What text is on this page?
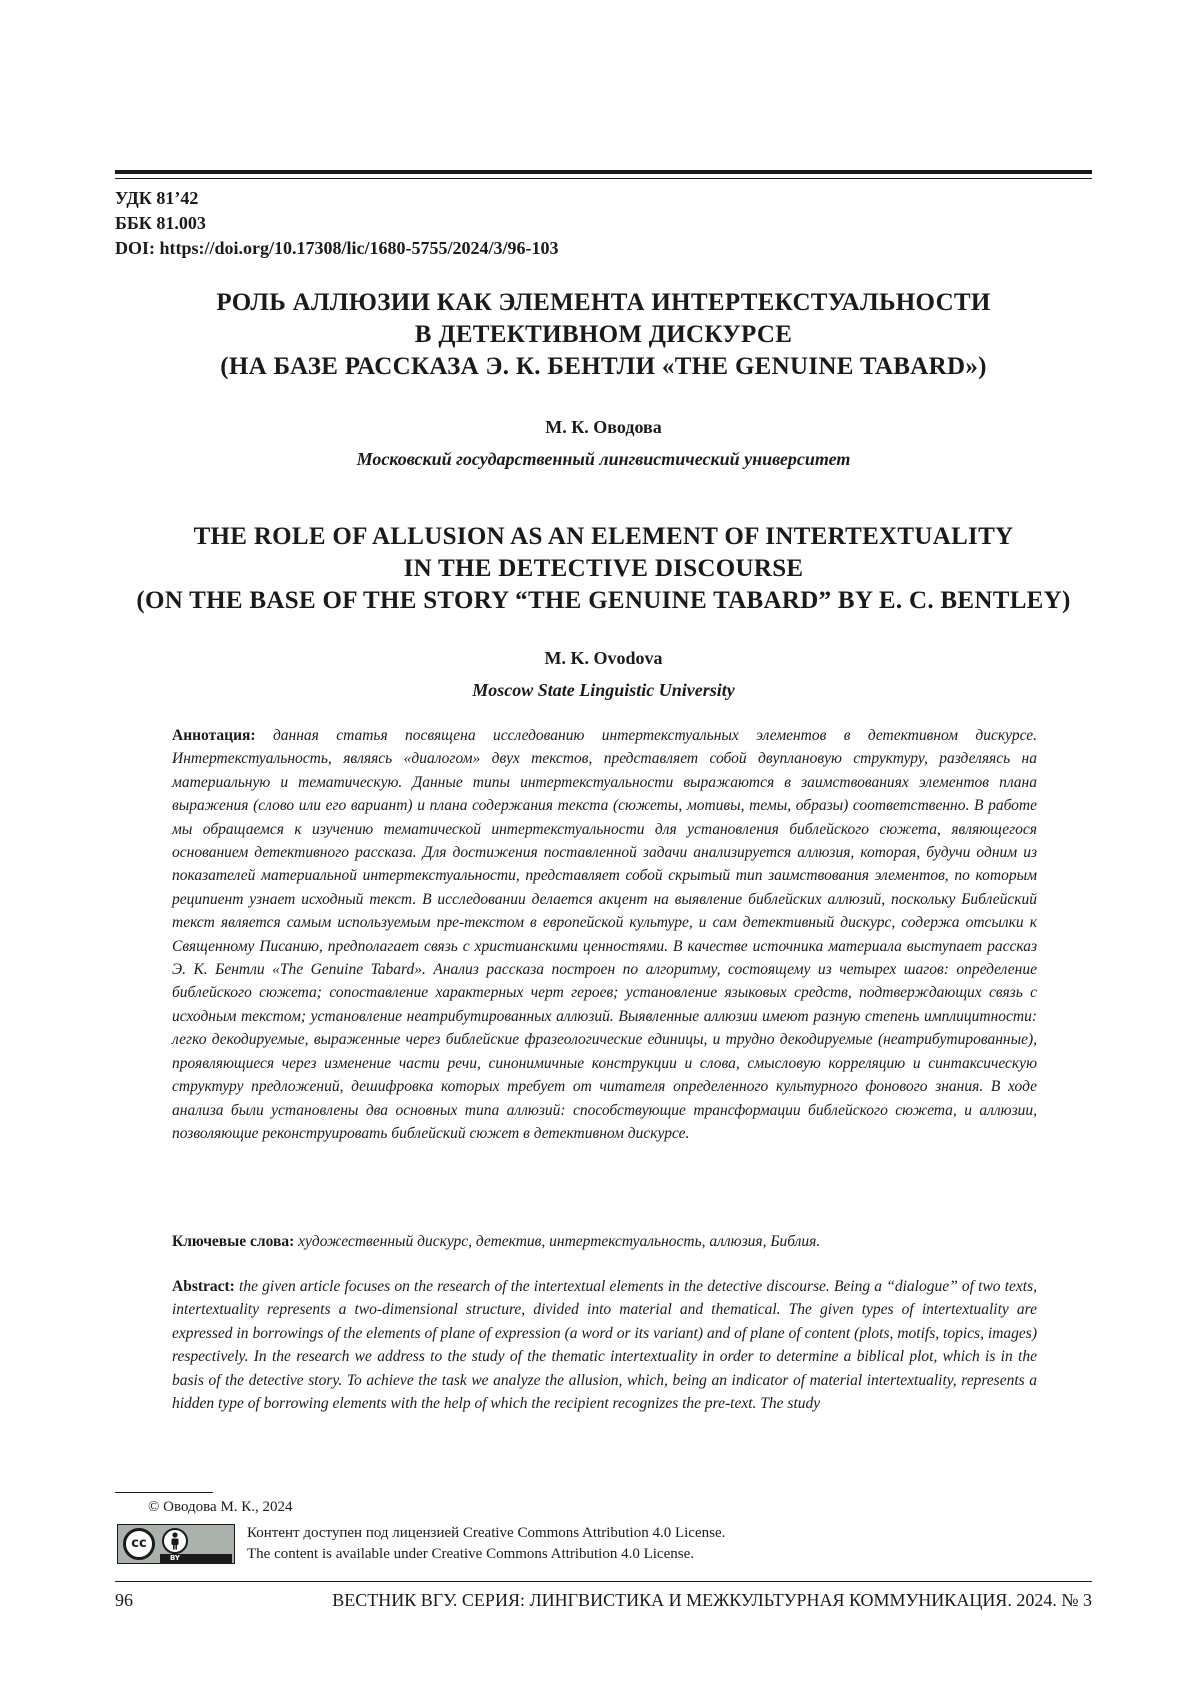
УДК 81’42
ББК 81.003
DOI: https://doi.org/10.17308/lic/1680-5755/2024/3/96-103
РОЛЬ АЛЛЮЗИИ КАК ЭЛЕМЕНТА ИНТЕРТЕКСТУАЛЬНОСТИ
В ДЕТЕКТИВНОМ ДИСКУРСЕ
(НА БАЗЕ РАССКАЗА Э. К. БЕНТЛИ «THE GENUINE TABARD»)
М. К. Оводова
Московский государственный лингвистический университет
THE ROLE OF ALLUSION AS AN ELEMENT OF INTERTEXTUALITY
IN THE DETECTIVE DISCOURSE
(ON THE BASE OF THE STORY “THE GENUINE TABARD” BY E. C. BENTLEY)
M. K. Ovodova
Moscow State Linguistic University
Аннотация: данная статья посвящена исследованию интертекстуальных элементов в детективном дискурсе. Интертекстуальность, являясь «диалогом» двух текстов, представляет собой двуплановую структуру, разделяясь на материальную и тематическую. Данные типы интертекстуальности выражаются в заимствованиях элементов плана выражения (слово или его вариант) и плана содержания текста (сюжеты, мотивы, темы, образы) соответственно. В работе мы обращаемся к изучению тематической интертекстуальности для установления библейского сюжета, являющегося основанием детективного рассказа. Для достижения поставленной задачи анализируется аллюзия, которая, будучи одним из показателей материальной интертекстуальности, представляет собой скрытый тип заимствования элементов, по которым реципиент узнает исходный текст. В исследовании делается акцент на выявление библейских аллюзий, поскольку Библейский текст является самым используемым пре-текстом в европейской культуре, и сам детективный дискурс, содержа отсылки к Священному Писанию, предполагает связь с христианскими ценностями. В качестве источника материала выступает рассказ Э. К. Бентли «The Genuine Tabard». Анализ рассказа построен по алгоритму, состоящему из четырех шагов: определение библейского сюжета; сопоставление характерных черт героев; установление языковых средств, подтверждающих связь с исходным текстом; установление неатрибутированных аллюзий. Выявленные аллюзии имеют разную степень имплицитности: легко декодируемые, выраженные через библейские фразеологические единицы, и трудно декодируемые (неатрибутированные), проявляющиеся через изменение части речи, синонимичные конструкции и слова, смысловую корреляцию и синтаксическую структуру предложений, дешифровка которых требует от читателя определенного культурного фонового знания. В ходе анализа были установлены два основных типа аллюзий: способствующие трансформации библейского сюжета, и аллюзии, позволяющие реконструировать библейский сюжет в детективном дискурсе.
Ключевые слова: художественный дискурс, детектив, интертекстуальность, аллюзия, Библия.
Abstract: the given article focuses on the research of the intertextual elements in the detective discourse. Being a “dialogue” of two texts, intertextuality represents a two-dimensional structure, divided into material and thematical. The given types of intertextuality are expressed in borrowings of the elements of plane of expression (a word or its variant) and of plane of content (plots, motifs, topics, images) respectively. In the research we address to the study of the thematic intertextuality in order to determine a biblical plot, which is in the basis of the detective story. To achieve the task we analyze the allusion, which, being an indicator of material intertextuality, represents a hidden type of borrowing elements with the help of which the recipient recognizes the pre-text. The study
© Оводова М. К., 2024
cc
BY
Контент доступен под лицензией Creative Commons Attribution 4.0 License.
The content is available under Creative Commons Attribution 4.0 License.
96	ВЕСТНИК ВГУ. СЕРИЯ: ЛИНГВИСТИКА И МЕЖКУЛЬТУРНАЯ КОММУНИКАЦИЯ. 2024. № 3
